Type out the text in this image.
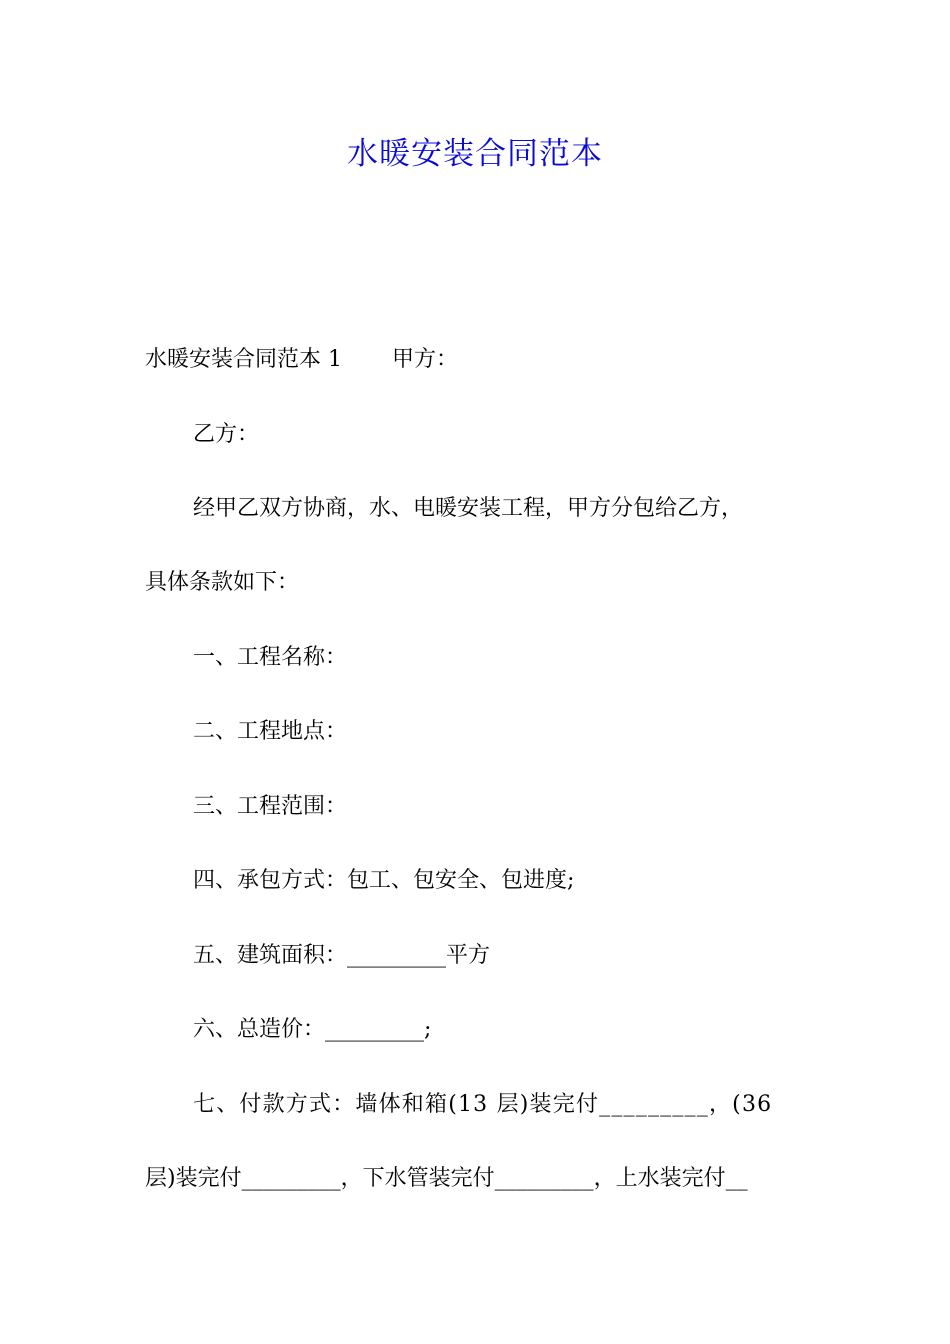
水暖安装合同范本
水暖安装合同范本 1 甲方：
乙方：
经甲乙双方协商，水、电暖安装工程，甲方分包给乙方，
具体条款如下：
一、工程名称：
二、工程地点：
三、工程范围：
四、承包方式：包工、包安全、包进度;
五、建筑面积：_________平方
六、总造价：_________;
七、付款方式：墙体和箱(13 层)装完付_________，(36
层)装完付_________，下水管装完付_________，上水装完付__
